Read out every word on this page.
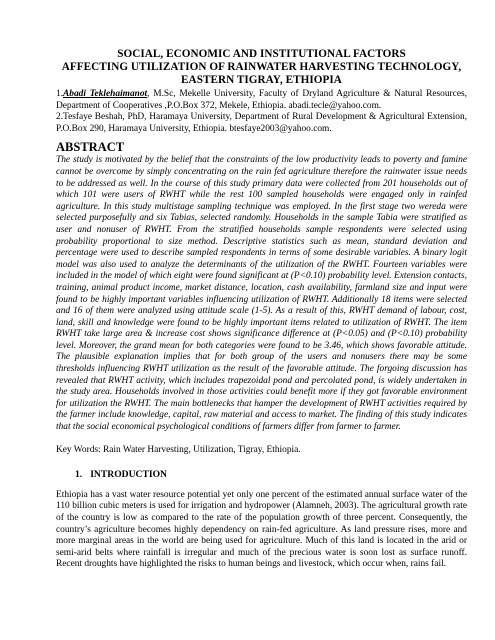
SOCIAL, ECONOMIC AND INSTITUTIONAL FACTORS
AFFECTING UTILIZATION OF RAINWATER HARVESTING TECHNOLOGY,
EASTERN TIGRAY, ETHIOPIA

1.Abadi Teklehaimanot, M.Sc, Mekelle University, Faculty of Dryland Agriculture & Natural Resources, Department of Cooperatives ,P.O.Box 372, Mekele, Ethiopia. abadi.tecle@yahoo.com.

2.Tesfaye Beshah, PhD, Haramaya University, Department of Rural Development & Agricultural Extension, P.O.Box 290, Haramaya University, Ethiopia. btesfaye2003@yahoo.com.

ABSTRACT

The study is motivated by the belief that the constraints of the low productivity leads to poverty and famine cannot be overcome by simply concentrating on the rain fed agriculture therefore the rainwater issue needs to be addressed as well. In the course of this study primary data were collected from 201 households out of which 101 were users of RWHT while the rest 100 sampled households were engaged only in rainfed agriculture. In this study multistage sampling technique was employed. In the first stage two wereda were selected purposefully and six Tabias, selected randomly. Households in the sample Tabia were stratified as user and nonuser of RWHT. From the stratified households sample respondents were selected using probability proportional to size method. Descriptive statistics such as mean, standard deviation and percentage were used to describe sampled respondents in terms of some desirable variables. A binary logit model was also used to analyze the determinants of the utilization of the RWHT. Fourteen variables were included in the model of which eight were found significant at (P<0.10) probability level. Extension contacts, training, animal product income, market distance, location, cash availability, farmland size and input were found to be highly important variables influencing utilization of RWHT. Additionally 18 items were selected and 16 of them were analyzed using attitude scale (1-5). As a result of this, RWHT demand of labour, cost, land, skill and knowledge were found to be highly important items related to utilization of RWHT. The item RWHT take large area & increase cost shows significance difference at (P<0.05) and (P<0.10) probability level. Moreover, the grand mean for both categories were found to be 3.46, which shows favorable attitude. The plausible explanation implies that for both group of the users and nonusers there may be some thresholds influencing RWHT utilization as the result of the favorable attitude. The forgoing discussion has revealed that RWHT activity, which includes trapezoidal pond and percolated pond, is widely undertaken in the study area. Households involved in those activities could benefit more if they got favorable environment for utilization the RWHT. The main bottlenecks that hamper the development of RWHT activities required by the farmer include knowledge, capital, raw material and access to market. The finding of this study indicates that the social economical psychological conditions of farmers differ from farmer to farmer.

Key Words: Rain Water Harvesting, Utilization, Tigray, Ethiopia.

1. INTRODUCTION

Ethiopia has a vast water resource potential yet only one percent of the estimated annual surface water of the 110 billion cubic meters is used for irrigation and hydropower (Alamneh, 2003). The agricultural growth rate of the country is low as compared to the rate of the population growth of three percent. Consequently, the country’s agriculture becomes highly dependency on rain-fed agriculture. As land pressure rises, more and more marginal areas in the world are being used for agriculture. Much of this land is located in the arid or semi-arid belts where rainfall is irregular and much of the precious water is soon lost as surface runoff. Recent droughts have highlighted the risks to human beings and livestock, which occur when, rains fail.
